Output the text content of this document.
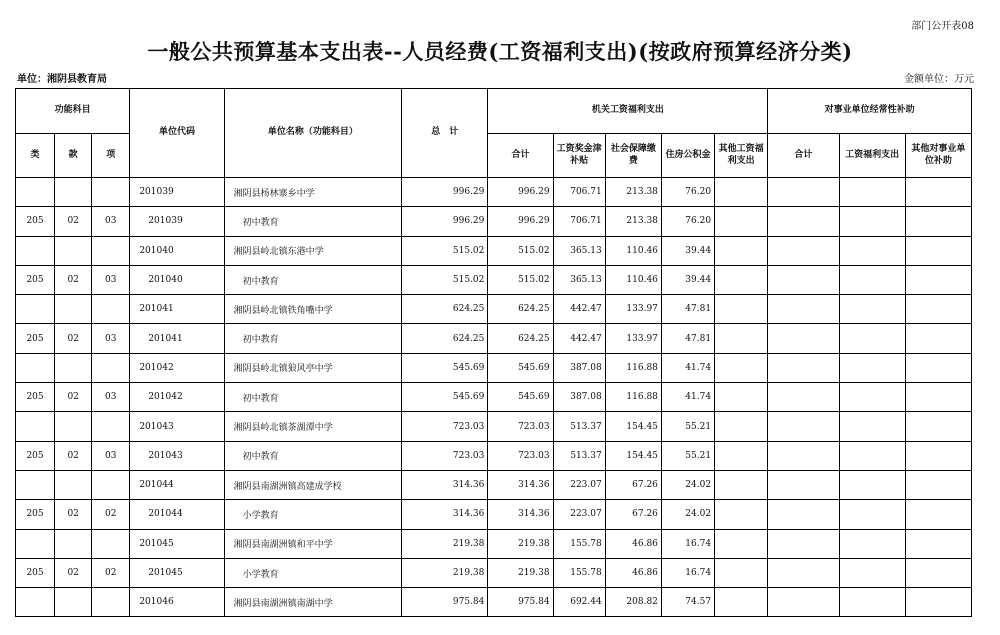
部门公开表08
一般公共预算基本支出表--人员经费(工资福利支出)(按政府预算经济分类)
单位：湘阴县教育局	金额单位：万元
功能科目			单位代码	单位名称（功能科目）	总　计	机关工资福利支出					对事业单位经常性补助		
类	款	项				合计	工资奖金津补贴	社会保障缴费	住房公积金	其他工资福利支出	合计	工资福利支出	其他对事业单位补助
			201039	湘阴县杨林寨乡中学	996.29	996.29	706.71	213.38	76.20				
205	02	03	201039	初中教育	996.29	996.29	706.71	213.38	76.20				
			201040	湘阴县岭北镇东港中学	515.02	515.02	365.13	110.46	39.44				
205	02	03	201040	初中教育	515.02	515.02	365.13	110.46	39.44				
			201041	湘阴县岭北镇铁角嘴中学	624.25	624.25	442.47	133.97	47.81				
205	02	03	201041	初中教育	624.25	624.25	442.47	133.97	47.81				
			201042	湘阴县岭北镇狼风亭中学	545.69	545.69	387.08	116.88	41.74				
205	02	03	201042	初中教育	545.69	545.69	387.08	116.88	41.74				
			201043	湘阴县岭北镇茶湖潭中学	723.03	723.03	513.37	154.45	55.21				
205	02	03	201043	初中教育	723.03	723.03	513.37	154.45	55.21				
			201044	湘阴县南湖洲镇高建成学校	314.36	314.36	223.07	67.26	24.02				
205	02	02	201044	小学教育	314.36	314.36	223.07	67.26	24.02				
			201045	湘阴县南湖洲镇和平中学	219.38	219.38	155.78	46.86	16.74				
205	02	02	201045	小学教育	219.38	219.38	155.78	46.86	16.74				
			201046	湘阴县南湖洲镇南湖中学	975.84	975.84	692.44	208.82	74.57				
